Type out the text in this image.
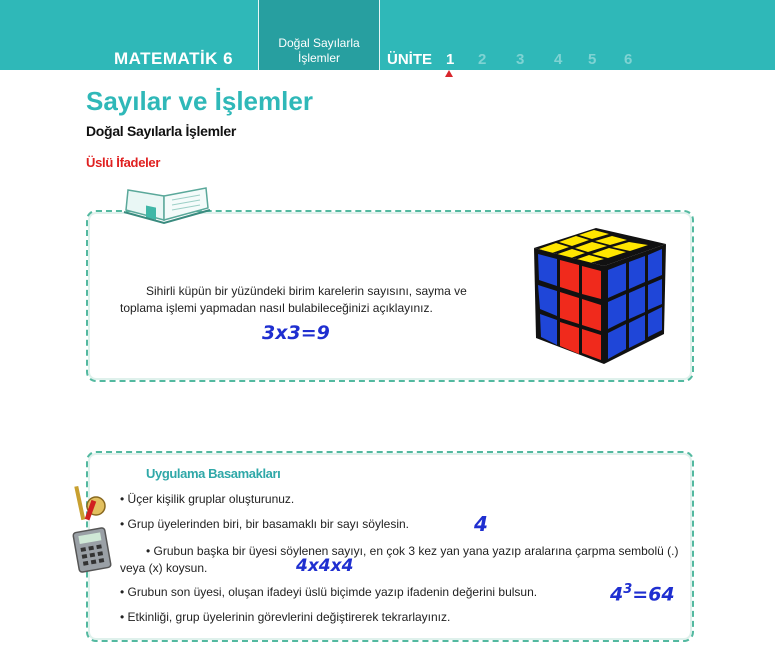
MATEMATİK 6
Doğal Sayılarla
İşlemler	ÜNİTE 1 2 3 4 5 6
Sayılar ve İşlemler
Doğal Sayılarla İşlemler
Üslü İfadeler
Sihirli küpün bir yüzündeki birim karelerin sayısını, sayma ve toplama işlemi yapmadan nasıl bulabileceğinizi açıklayınız.
3x3=9
Uygulama Basamakları
• Üçer kişilik gruplar oluşturunuz.
• Grup üyelerinden biri, bir basamaklı bir sayı söylesin.	4
• Grubun başka bir üyesi söylenen sayıyı, en çok 3 kez yan yana yazıp aralarına çarpma sembolü (.) veya (x) koysun.	4x4x4
• Grubun son üyesi, oluşan ifadeyi üslü biçimde yazıp ifadenin değerini bulsun.	$4^3=64$
• Etkinliği, grup üyelerinin görevlerini değiştirerek tekrarlayınız.
